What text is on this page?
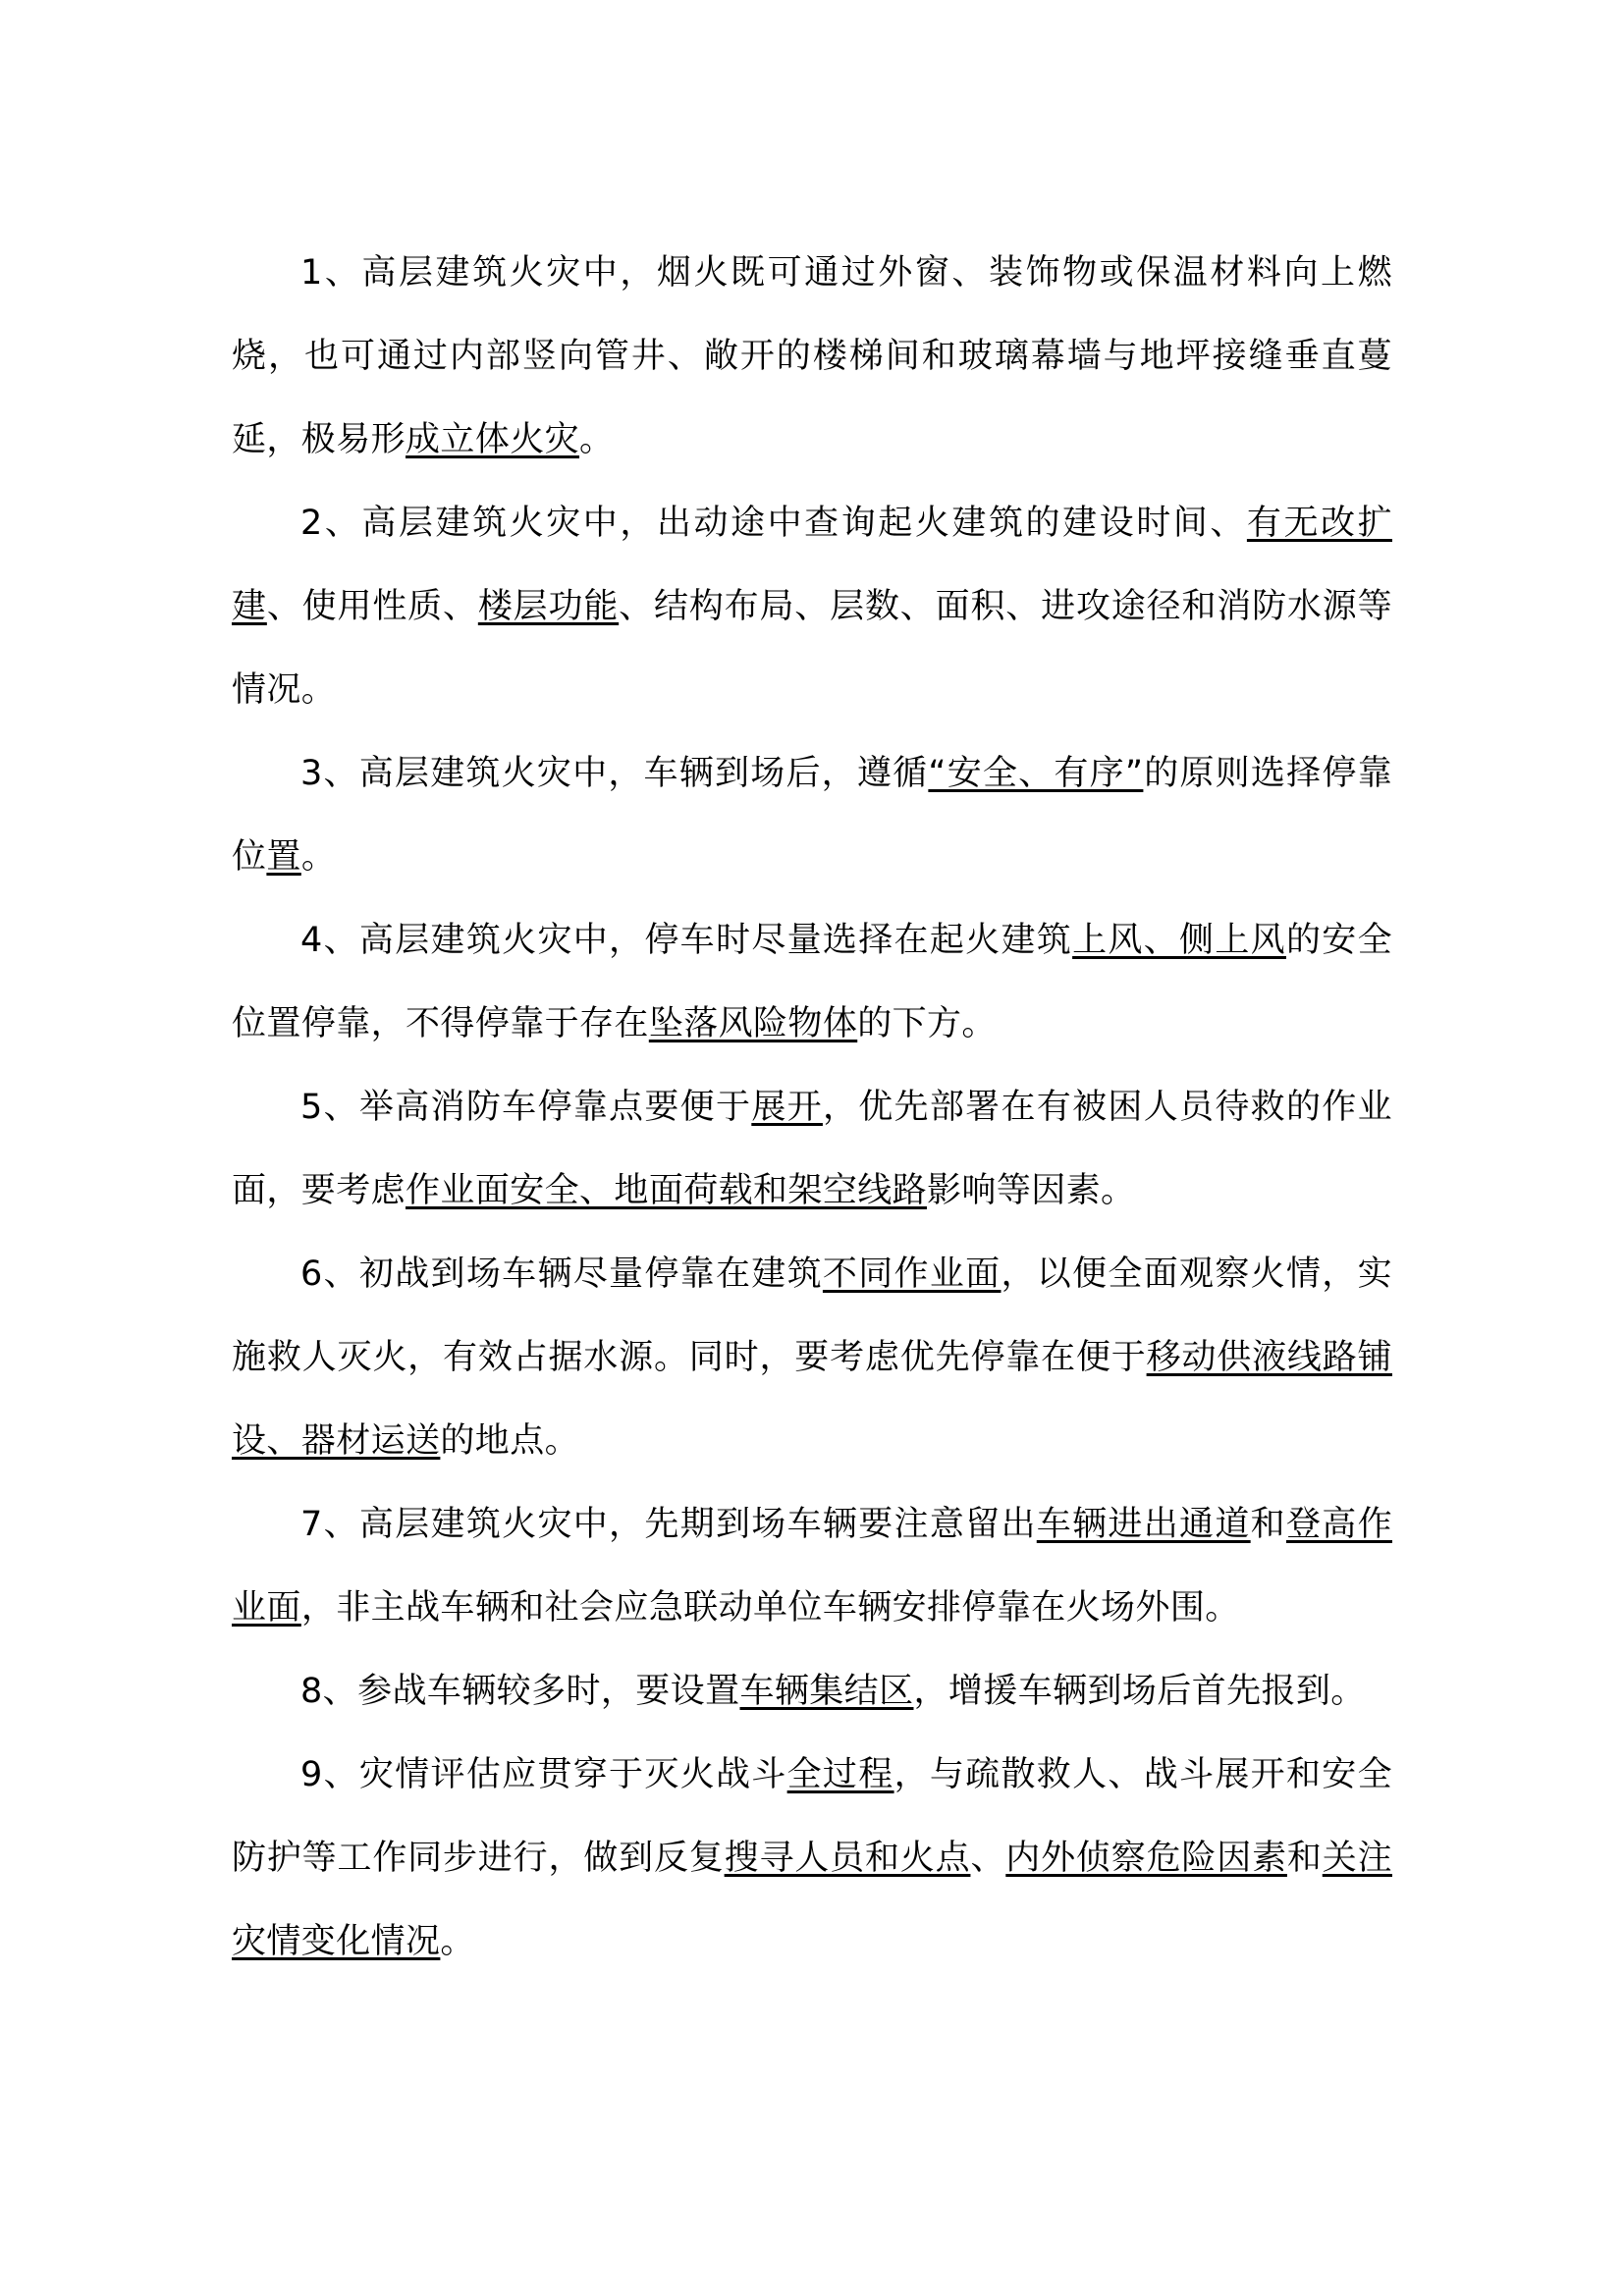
1、高层建筑火灾中，烟火既可通过外窗、装饰物或保温材料向上燃烧，也可通过内部竖向管井、敞开的楼梯间和玻璃幕墙与地坪接缝垂直蔓延，极易形成立体火灾。

2、高层建筑火灾中，出动途中查询起火建筑的建设时间、有无改扩建、使用性质、楼层功能、结构布局、层数、面积、进攻途径和消防水源等情况。

3、高层建筑火灾中，车辆到场后，遵循“安全、有序”的原则选择停靠位置。

4、高层建筑火灾中，停车时尽量选择在起火建筑上风、侧上风的安全位置停靠，不得停靠于存在坠落风险物体的下方。

5、举高消防车停靠点要便于展开，优先部署在有被困人员待救的作业面，要考虑作业面安全、地面荷载和架空线路影响等因素。

6、初战到场车辆尽量停靠在建筑不同作业面，以便全面观察火情，实施救人灭火，有效占据水源。同时，要考虑优先停靠在便于移动供液线路铺设、器材运送的地点。

7、高层建筑火灾中，先期到场车辆要注意留出车辆进出通道和登高作业面，非主战车辆和社会应急联动单位车辆安排停靠在火场外围。

8、参战车辆较多时，要设置车辆集结区，增援车辆到场后首先报到。

9、灾情评估应贯穿于灭火战斗全过程，与疏散救人、战斗展开和安全防护等工作同步进行，做到反复搜寻人员和火点、内外侦察危险因素和关注灾情变化情况。
